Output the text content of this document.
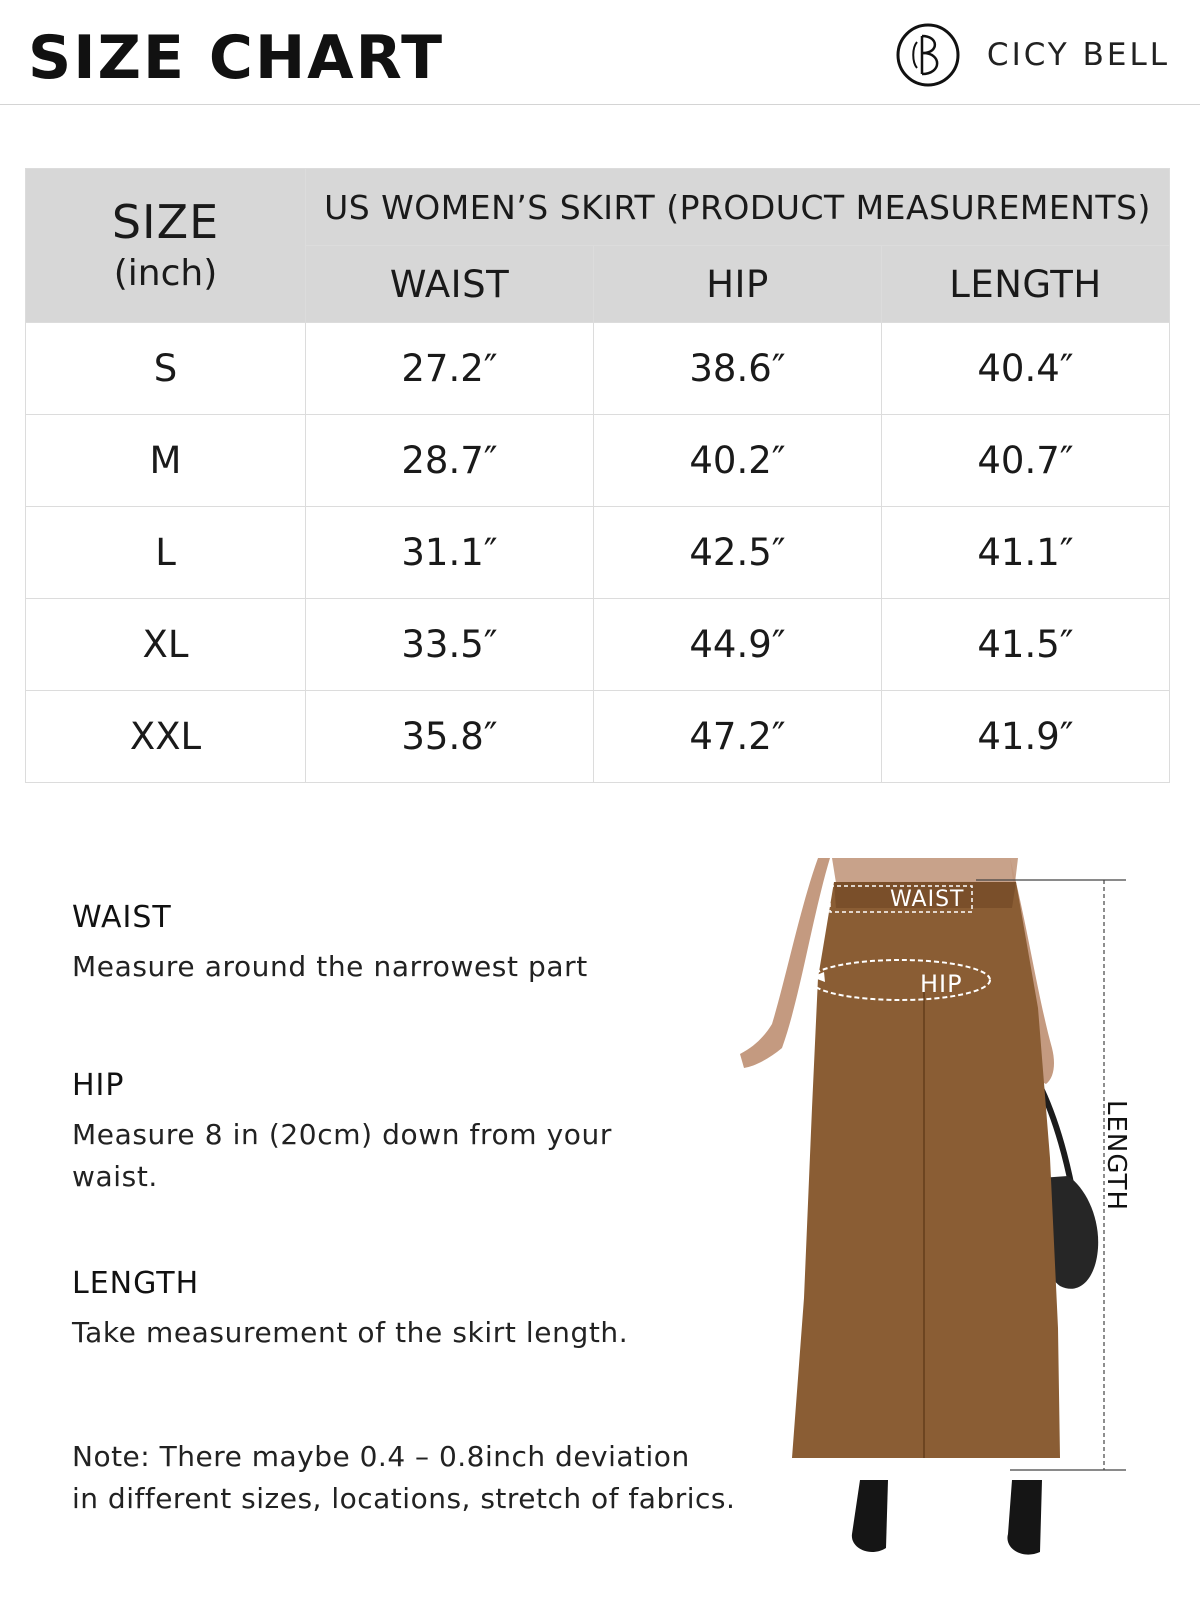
SIZE CHART	CICY BELL
SIZE
(inch)	US WOMEN’S SKIRT (PRODUCT MEASUREMENTS)		
	WAIST	HIP	LENGTH
S	27.2″	38.6″	40.4″
M	28.7″	40.2″	40.7″
L	31.1″	42.5″	41.1″
XL	33.5″	44.9″	41.5″
XXL	35.8″	47.2″	41.9″
WAIST
Measure around the narrowest part
HIP
Measure 8 in (20cm) down from your waist.
LENGTH
Take measurement of the skirt length.
Note: There maybe 0.4 – 0.8inch deviation
in different sizes, locations, stretch of fabrics.
WAIST
HIP
LENGTH
